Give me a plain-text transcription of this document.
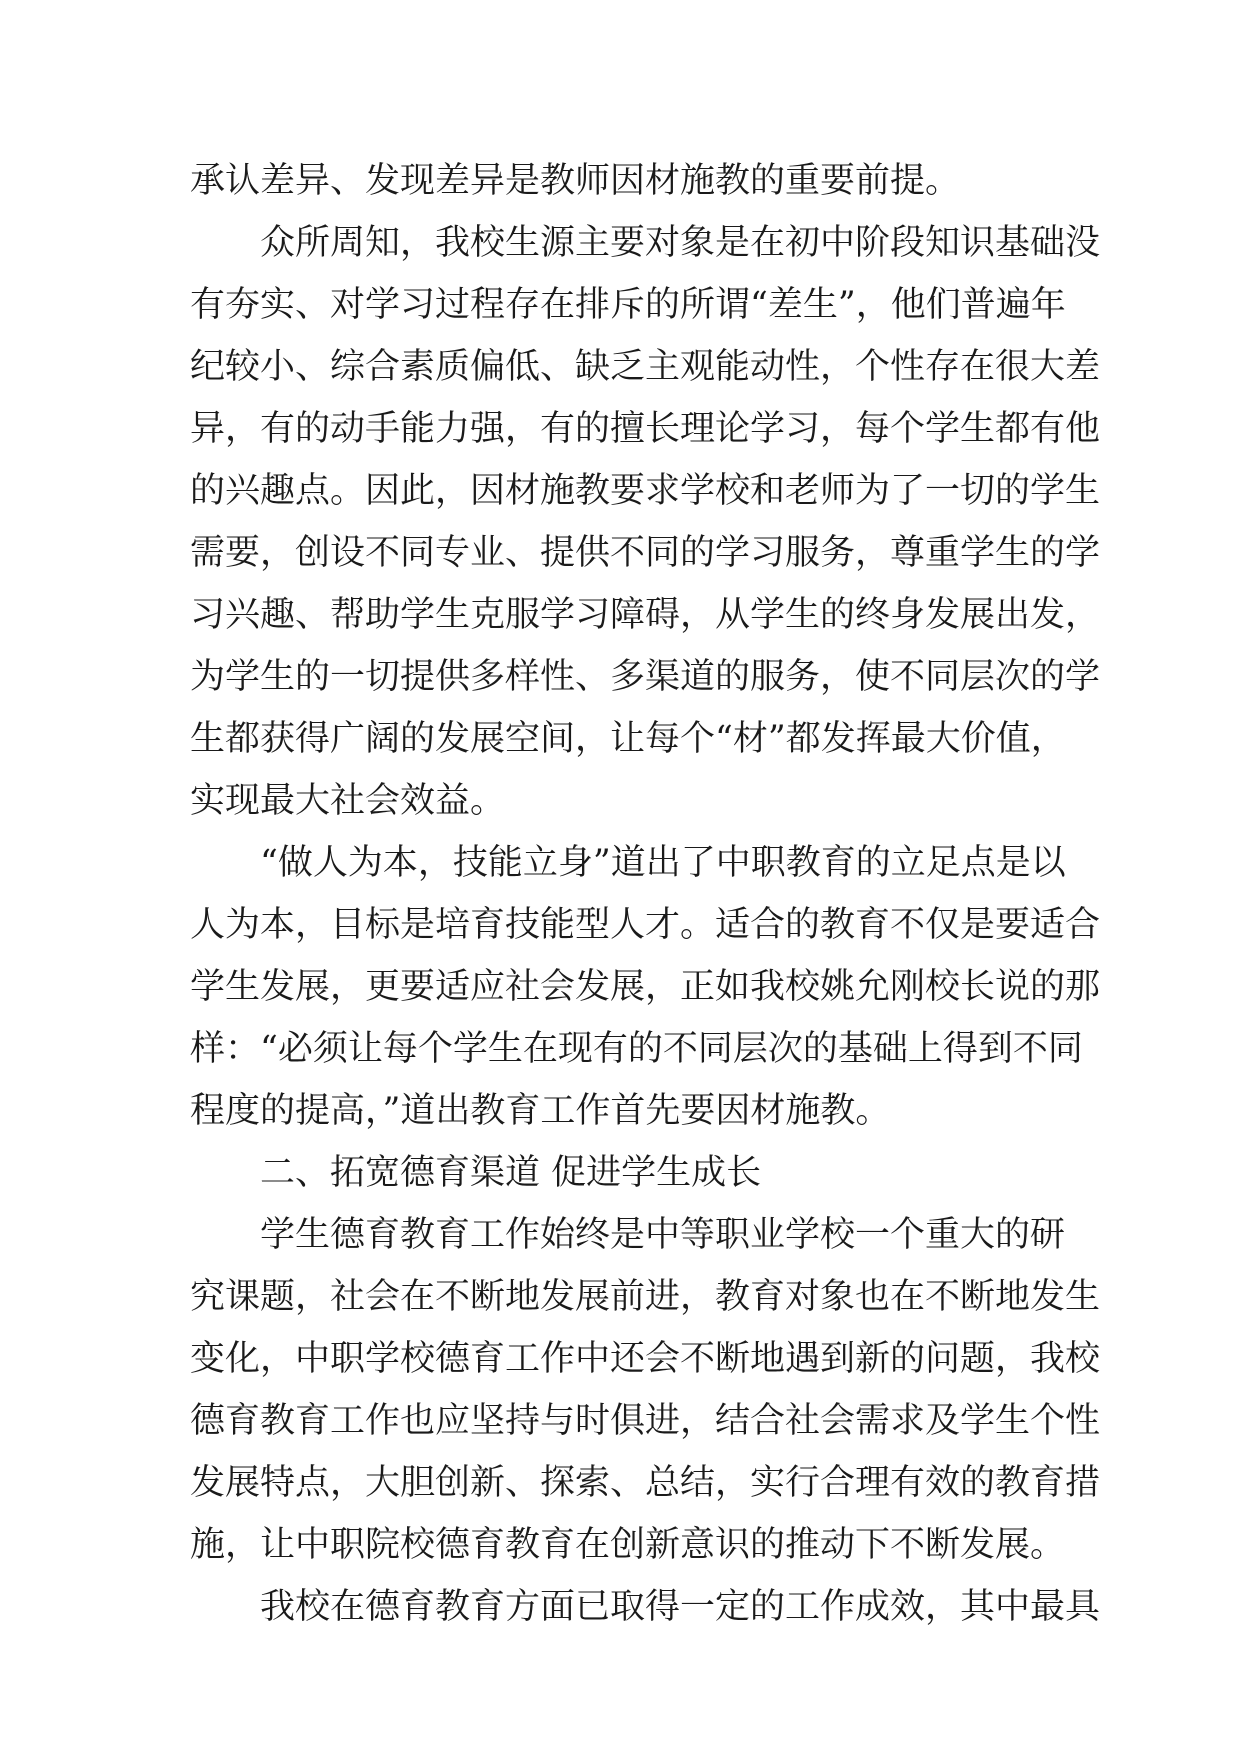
承认差异、发现差异是教师因材施教的重要前提。
众所周知，我校生源主要对象是在初中阶段知识基础没
有夯实、对学习过程存在排斥的所谓“差生”，他们普遍年
纪较小、综合素质偏低、缺乏主观能动性，个性存在很大差
异，有的动手能力强，有的擅长理论学习，每个学生都有他
的兴趣点。因此，因材施教要求学校和老师为了一切的学生
需要，创设不同专业、提供不同的学习服务，尊重学生的学
习兴趣、帮助学生克服学习障碍，从学生的终身发展出发，
为学生的一切提供多样性、多渠道的服务，使不同层次的学
生都获得广阔的发展空间，让每个“材”都发挥最大价值，
实现最大社会效益。
“做人为本，技能立身”道出了中职教育的立足点是以
人为本，目标是培育技能型人才。适合的教育不仅是要适合
学生发展，更要适应社会发展，正如我校姚允刚校长说的那
样：“必须让每个学生在现有的不同层次的基础上得到不同
程度的提高，”道出教育工作首先要因材施教。
二、拓宽德育渠道 促进学生成长
学生德育教育工作始终是中等职业学校一个重大的研
究课题，社会在不断地发展前进，教育对象也在不断地发生
变化，中职学校德育工作中还会不断地遇到新的问题，我校
德育教育工作也应坚持与时俱进，结合社会需求及学生个性
发展特点，大胆创新、探索、总结，实行合理有效的教育措
施，让中职院校德育教育在创新意识的推动下不断发展。
我校在德育教育方面已取得一定的工作成效，其中最具
